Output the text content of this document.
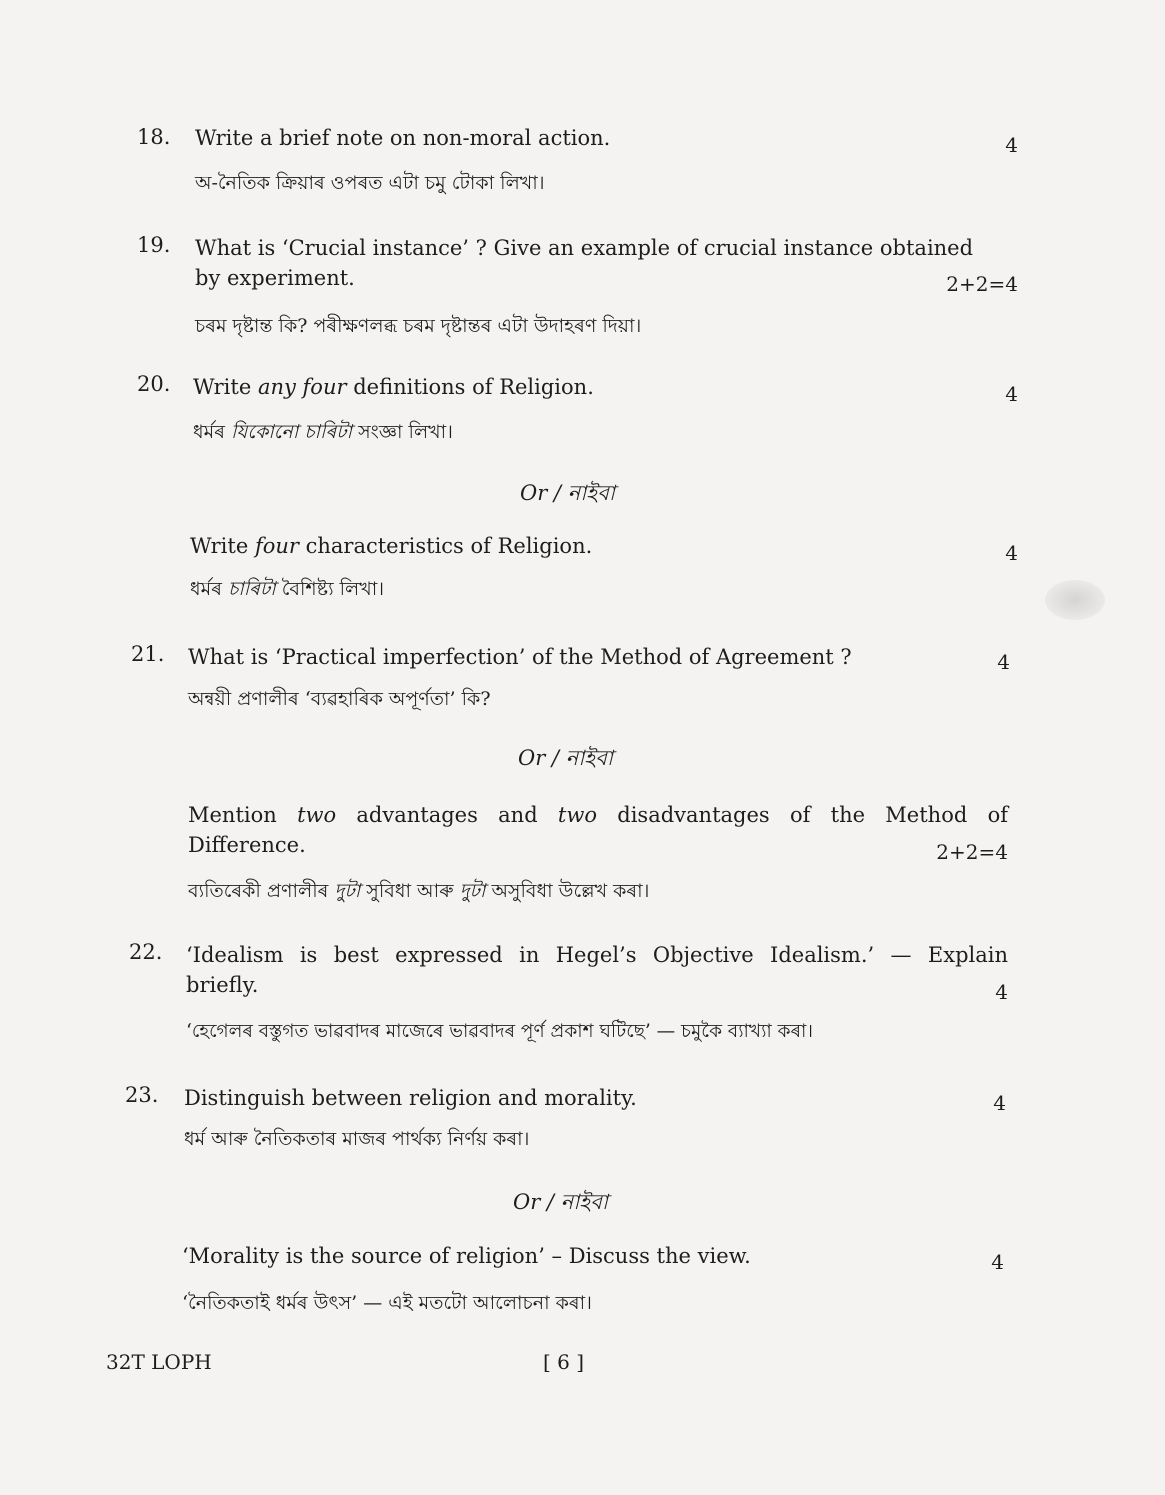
18. Write a brief note on non-moral action.	4
অ-নৈতিক ক্ৰিয়াৰ ওপৰত এটা চমু টোকা লিখা।
19. What is ‘Crucial instance’ ? Give an example of crucial instance obtained
by experiment.	2+2=4
চৰম দৃষ্টান্ত কি? পৰীক্ষণলব্ধ চৰম দৃষ্টান্তৰ এটা উদাহৰণ দিয়া।
20. Write any four definitions of Religion.	4
ধৰ্মৰ যিকোনো চাৰিটা সংজ্ঞা লিখা।
Or / নাইবা
Write four characteristics of Religion.	4
ধৰ্মৰ চাৰিটা বৈশিষ্ট্য লিখা।
21. What is ‘Practical imperfection’ of the Method of Agreement ?	4
অন্বয়ী প্ৰণালীৰ ‘ব্যৱহাৰিক অপূৰ্ণতা’ কি?
Or / নাইবা
Mention two advantages and two disadvantages of the Method of
Difference.	2+2=4
ব্যতিৰেকী প্ৰণালীৰ দুটা সুবিধা আৰু দুটা অসুবিধা উল্লেখ কৰা।
22. ‘Idealism is best expressed in Hegel’s Objective Idealism.’ — Explain
briefly.	4
‘হেগেলৰ বস্তুগত ভাৱবাদৰ মাজেৰে ভাৱবাদৰ পূৰ্ণ প্ৰকাশ ঘটিছে’ — চমুকৈ ব্যাখ্যা কৰা।
23. Distinguish between religion and morality.	4
ধৰ্ম আৰু নৈতিকতাৰ মাজৰ পাৰ্থক্য নিৰ্ণয় কৰা।
Or / নাইবা
‘Morality is the source of religion’ – Discuss the view.	4
‘নৈতিকতাই ধৰ্মৰ উৎস’ — এই মতটো আলোচনা কৰা।
32T LOPH	[ 6 ]
